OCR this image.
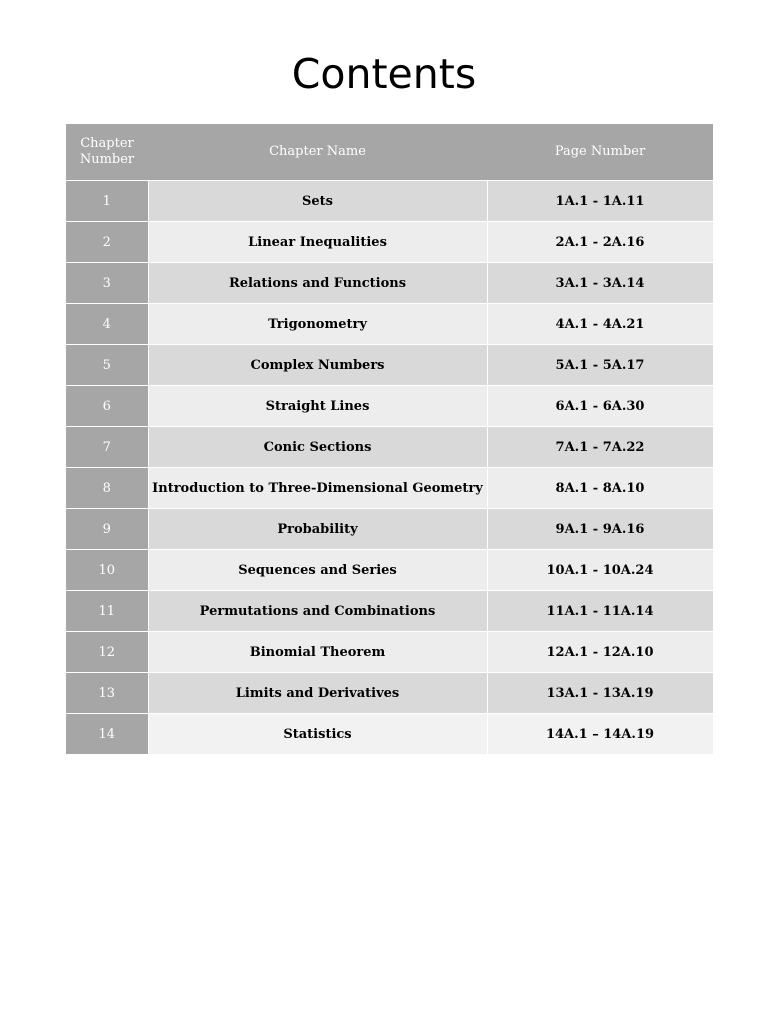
Contents
Chapter
Number	Chapter Name	Page Number
1	Sets	1A.1 - 1A.11
2	Linear Inequalities	2A.1 - 2A.16
3	Relations and Functions	3A.1 - 3A.14
4	Trigonometry	4A.1 - 4A.21
5	Complex Numbers	5A.1 - 5A.17
6	Straight Lines	6A.1 - 6A.30
7	Conic Sections	7A.1 - 7A.22
8	Introduction to Three-Dimensional Geometry	8A.1 - 8A.10
9	Probability	9A.1 - 9A.16
10	Sequences and Series	10A.1 - 10A.24
11	Permutations and Combinations	11A.1 - 11A.14
12	Binomial Theorem	12A.1 - 12A.10
13	Limits and Derivatives	13A.1 - 13A.19
14	Statistics	14A.1 – 14A.19
